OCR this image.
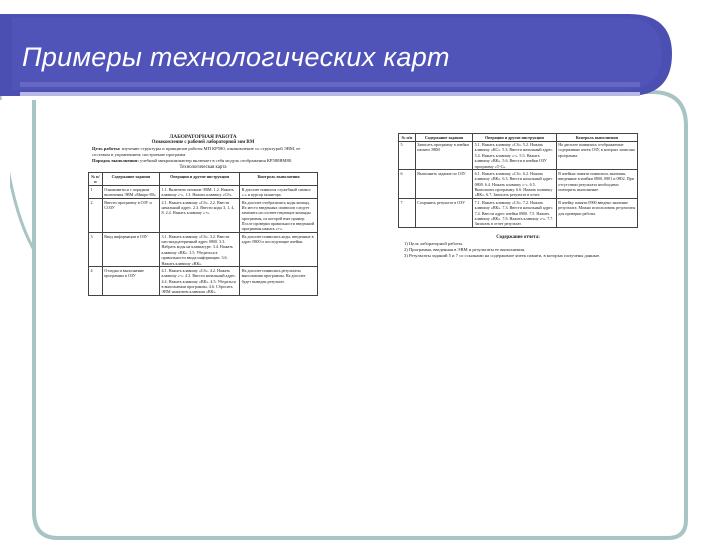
Примеры технологических карт
ЛАБОРАТОРНАЯ РАБОТА
Ознакомление с рабочей лабораторной эвм RM
Цель работы: изучение структуры и принципов работы МП КР580, ознакомление со структурой ЭВМ, ее составом и управлением; построение программ
Порядок выполнения: учебный микрокомпьютер включает в себя модуль отображения КР580ВМ80.
Технологическая карта
№ п/п	Содержание задания	Операции и другие инструкции	Контроль выполнения
1	Ознакомиться с порядком включения ЭВМ «Микро-80»	1.1. Включить питание ЭВМ. 1.2. Нажать клавишу «-», 1.3. Нажать клавишу «Сб».	В дисплее появился служебный символ «.» и курсор монитора.
2	Ввести программу в ОЗУ и СОЗУ	2.1. Нажать клавишу «Сб». 2.2. Ввести начальный адрес. 2.3. Ввести коды 3, 1, 4, 8. 2.4. Нажать клавишу «+».	На дисплее отобразились коды команд. Их место введенных символов следует заменить на соответствующие команды программы, из которой взят пример. После проверки правильности введенной программы нажать «+».
3	Ввод информации в ОЗУ	3.1. Нажать клавишу «Сб». 3.2. Ввести шестнадцатеричный адрес 0800. 3.3. Набрать коды на клавиатуре. 3.4. Нажать клавишу «ВК». 3.5. Убедиться в правильности ввода информации. 3.6. Нажать клавишу «ВК».	На дисплее появились коды, введенные в адрес 0800 и последующие ячейки.
4	Отладка и выполнение программы в ОЗУ	4.1. Нажать клавишу «Сб». 4.2. Нажать клавишу «-». 4.3. Ввести начальный адрес. 4.4. Нажать клавишу «ВК». 4.5. Убедиться в выполнении программы. 4.6. Сбросить ЭВМ нажатием клавиши «ВК».	На дисплее появились результаты выполнения программы. На дисплее будет выведен результат.
№ п/п	Содержание задания	Операции и другие инструкции	Контроль выполнения
5	Записать программу в ячейки памяти ЭВМ	5.1. Нажать клавишу «Сб». 5.2. Нажать клавишу «КС». 5.3. Ввести начальный адрес. 5.4. Нажать клавишу «-». 5.5. Нажать клавишу «ВК». 5.6. Ввести в ячейки ОЗУ программу «Т-С».	На дисплее появились отображаемые содержимые ячеек ОЗУ, в которых записана программа.
6	Выполнить задание по ОЗУ	6.1. Нажать клавишу «Сб». 6.2. Нажать клавишу «ВК». 6.3. Ввести начальный адрес 0800. 6.4. Нажать клавишу «-». 6.5. Выполнить программу. 6.6. Нажать клавишу «ВК». 6.7. Записать результат в отчет.	В ячейках памяти появились значения, введенные в ячейки 0800, 0801 и 0802. При отсутствии результата необходимо повторить выполнение.
7	Сохранить результат в ОЗУ	7.1. Нажать клавишу «Сб». 7.2. Нажать клавишу «ВК». 7.3. Ввести начальный адрес. 7.4. Ввести адрес ячейки 0900. 7.5. Нажать клавишу «ВК». 7.6. Нажать клавишу «-». 7.7. Записать в отчет результат.	В ячейку памяти 0900 введено значение результата. Можно использовать результаты для проверки работы.
Содержание отчета:
1) Цель лабораторной работы.
2) Программа, введенная в ЭВМ и результаты ее выполнения.
3) Результаты заданий 5 и 7 со ссылками на содержимое ячеек памяти, в которых получены данные.
